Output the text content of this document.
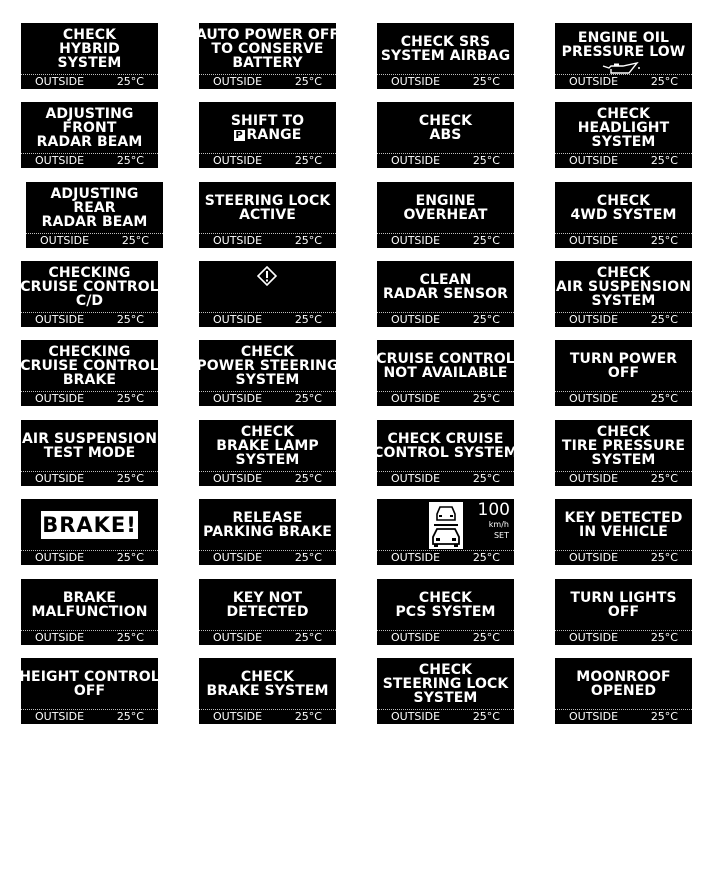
CHECK
HYBRID
SYSTEM
OUTSIDE	25°C
AUTO POWER OFF
TO CONSERVE
BATTERY
OUTSIDE	25°C
CHECK SRS
SYSTEM AIRBAG
OUTSIDE	25°C
ENGINE OIL
PRESSURE LOW
OUTSIDE	25°C
ADJUSTING
FRONT
RADAR BEAM
OUTSIDE	25°C
SHIFT TO
P RANGE
OUTSIDE	25°C
CHECK
ABS
OUTSIDE	25°C
CHECK
HEADLIGHT
SYSTEM
OUTSIDE	25°C
ADJUSTING
REAR
RADAR BEAM
OUTSIDE	25°C
STEERING LOCK
ACTIVE
OUTSIDE	25°C
ENGINE
OVERHEAT
OUTSIDE	25°C
CHECK
4WD SYSTEM
OUTSIDE	25°C
CHECKING
CRUISE CONTROL
C/D
OUTSIDE	25°C	OUTSIDE	25°C
CLEAN
RADAR SENSOR
OUTSIDE	25°C
CHECK
AIR SUSPENSION
SYSTEM
OUTSIDE	25°C
CHECKING
CRUISE CONTROL
BRAKE
OUTSIDE	25°C
CHECK
POWER STEERING
SYSTEM
OUTSIDE	25°C
CRUISE CONTROL
NOT AVAILABLE
OUTSIDE	25°C
TURN POWER
OFF
OUTSIDE	25°C
AIR SUSPENSION
TEST MODE
OUTSIDE	25°C
CHECK
BRAKE LAMP
SYSTEM
OUTSIDE	25°C
CHECK CRUISE
CONTROL SYSTEM
OUTSIDE	25°C
CHECK
TIRE PRESSURE
SYSTEM
OUTSIDE	25°C
BRAKE!
OUTSIDE	25°C
RELEASE
PARKING BRAKE
OUTSIDE	25°C
100
km/h
SET
OUTSIDE	25°C
KEY DETECTED
IN VEHICLE
OUTSIDE	25°C
BRAKE
MALFUNCTION
OUTSIDE	25°C
KEY NOT
DETECTED
OUTSIDE	25°C
CHECK
PCS SYSTEM
OUTSIDE	25°C
TURN LIGHTS
OFF
OUTSIDE	25°C
HEIGHT CONTROL
OFF
OUTSIDE	25°C
CHECK
BRAKE SYSTEM
OUTSIDE	25°C
CHECK
STEERING LOCK
SYSTEM
OUTSIDE	25°C
MOONROOF
OPENED
OUTSIDE	25°C
